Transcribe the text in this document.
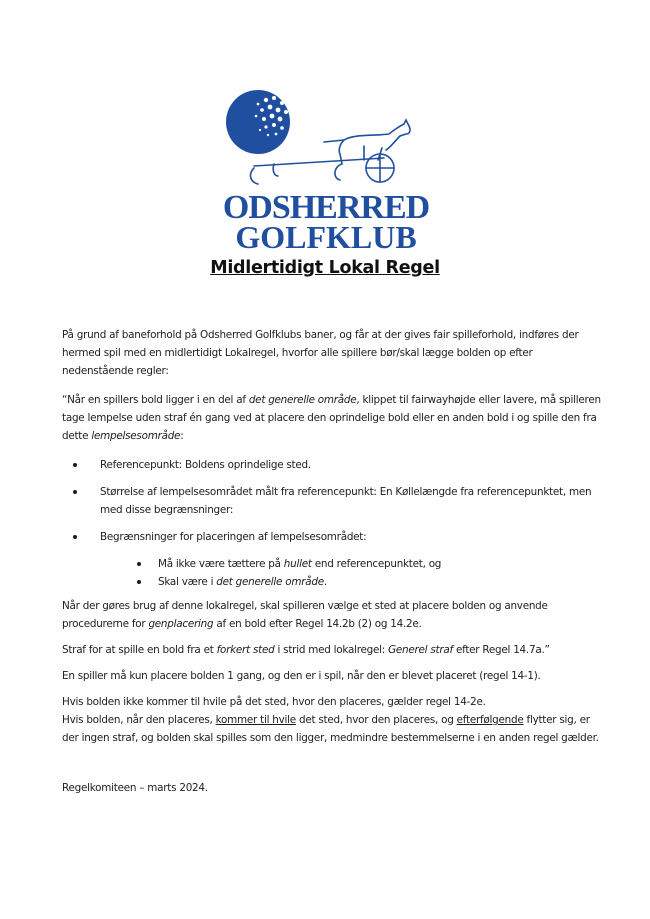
ODSHERRED
GOLFKLUB
Midlertidigt Lokal Regel

På grund af baneforhold på Odsherred Golfklubs baner, og får at der gives fair spilleforhold, indføres der hermed spil med en midlertidigt Lokalregel, hvorfor alle spillere bør/skal lægge bolden op efter nedenstående regler:

“Når en spillers bold ligger i en del af det generelle område, klippet til fairwayhøjde eller lavere, må spilleren tage lempelse uden straf én gang ved at placere den oprindelige bold eller en anden bold i og spille den fra dette lempelsesområde:

Referencepunkt: Boldens oprindelige sted.
Størrelse af lempelsesområdet målt fra referencepunkt: En Køllelængde fra referencepunktet, men med disse begrænsninger:
Begrænsninger for placeringen af lempelsesområdet:
Må ikke være tættere på hullet end referencepunktet, og
Skal være i det generelle område.

Når der gøres brug af denne lokalregel, skal spilleren vælge et sted at placere bolden og anvende procedurerne for genplacering af en bold efter Regel 14.2b (2) og 14.2e.

Straf for at spille en bold fra et forkert sted i strid med lokalregel: Generel straf efter Regel 14.7a.”

En spiller må kun placere bolden 1 gang, og den er i spil, når den er blevet placeret (regel 14-1).

Hvis bolden ikke kommer til hvile på det sted, hvor den placeres, gælder regel 14-2e.

Hvis bolden, når den placeres, kommer til hvile det sted, hvor den placeres, og efterfølgende flytter sig, er der ingen straf, og bolden skal spilles som den ligger, medmindre bestemmelserne i en anden regel gælder.

Regelkomiteen – marts 2024.
